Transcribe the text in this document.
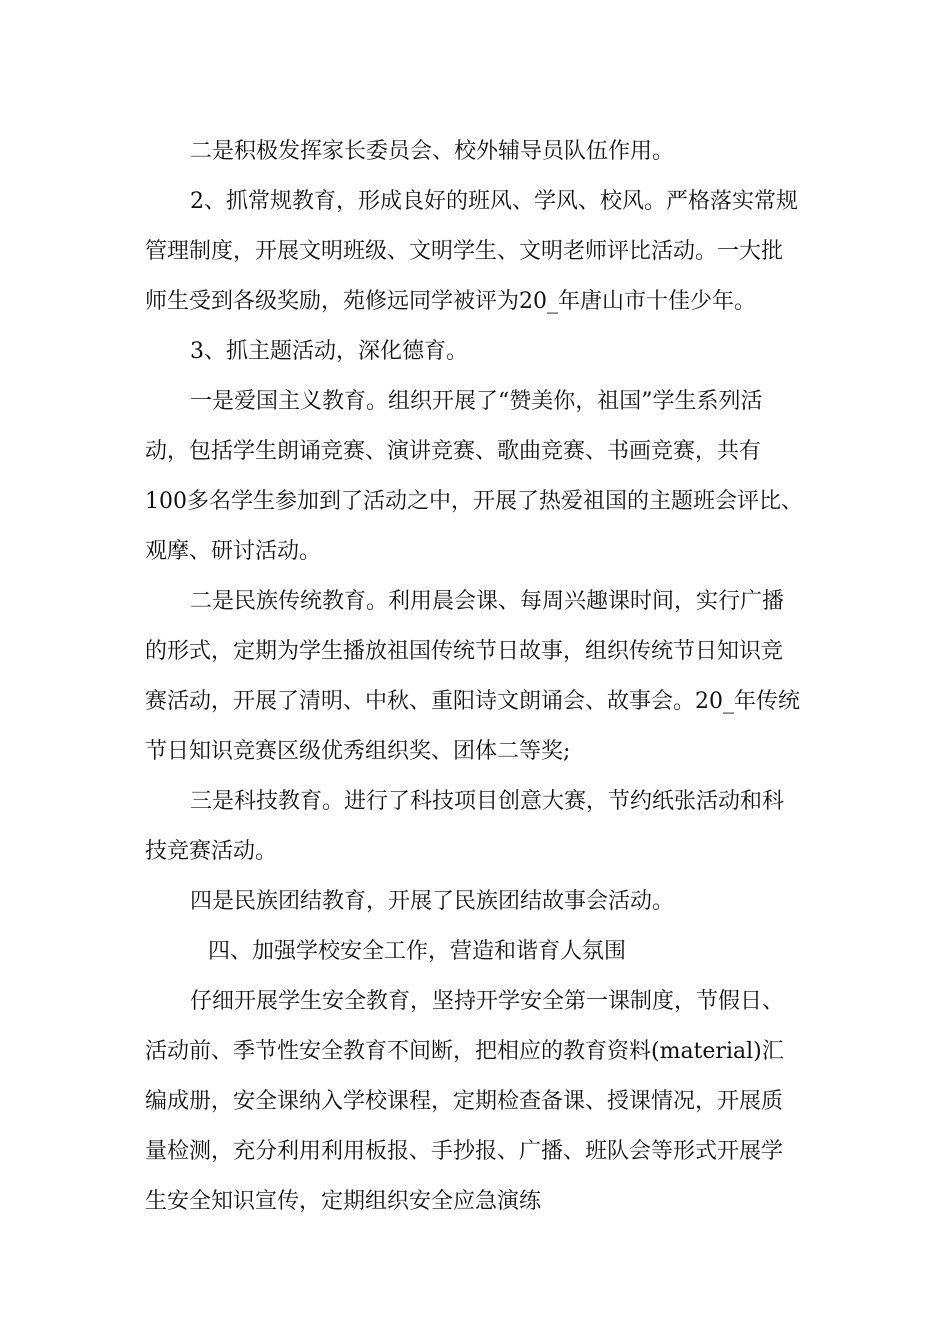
二是积极发挥家长委员会、校外辅导员队伍作用。
2、抓常规教育，形成良好的班风、学风、校风。严格落实常规
管理制度，开展文明班级、文明学生、文明老师评比活动。一大批
师生受到各级奖励，苑修远同学被评为20_年唐山市十佳少年。
3、抓主题活动，深化德育。
一是爱国主义教育。组织开展了“赞美你，祖国”学生系列活
动，包括学生朗诵竞赛、演讲竞赛、歌曲竞赛、书画竞赛，共有
100多名学生参加到了活动之中，开展了热爱祖国的主题班会评比、
观摩、研讨活动。
二是民族传统教育。利用晨会课、每周兴趣课时间，实行广播
的形式，定期为学生播放祖国传统节日故事，组织传统节日知识竞
赛活动，开展了清明、中秋、重阳诗文朗诵会、故事会。20_年传统
节日知识竞赛区级优秀组织奖、团体二等奖;
三是科技教育。进行了科技项目创意大赛，节约纸张活动和科
技竞赛活动。
四是民族团结教育，开展了民族团结故事会活动。
四、加强学校安全工作，营造和谐育人氛围
仔细开展学生安全教育，坚持开学安全第一课制度，节假日、
活动前、季节性安全教育不间断，把相应的教育资料(material)汇
编成册，安全课纳入学校课程，定期检查备课、授课情况，开展质
量检测，充分利用利用板报、手抄报、广播、班队会等形式开展学
生安全知识宣传，定期组织安全应急演练
